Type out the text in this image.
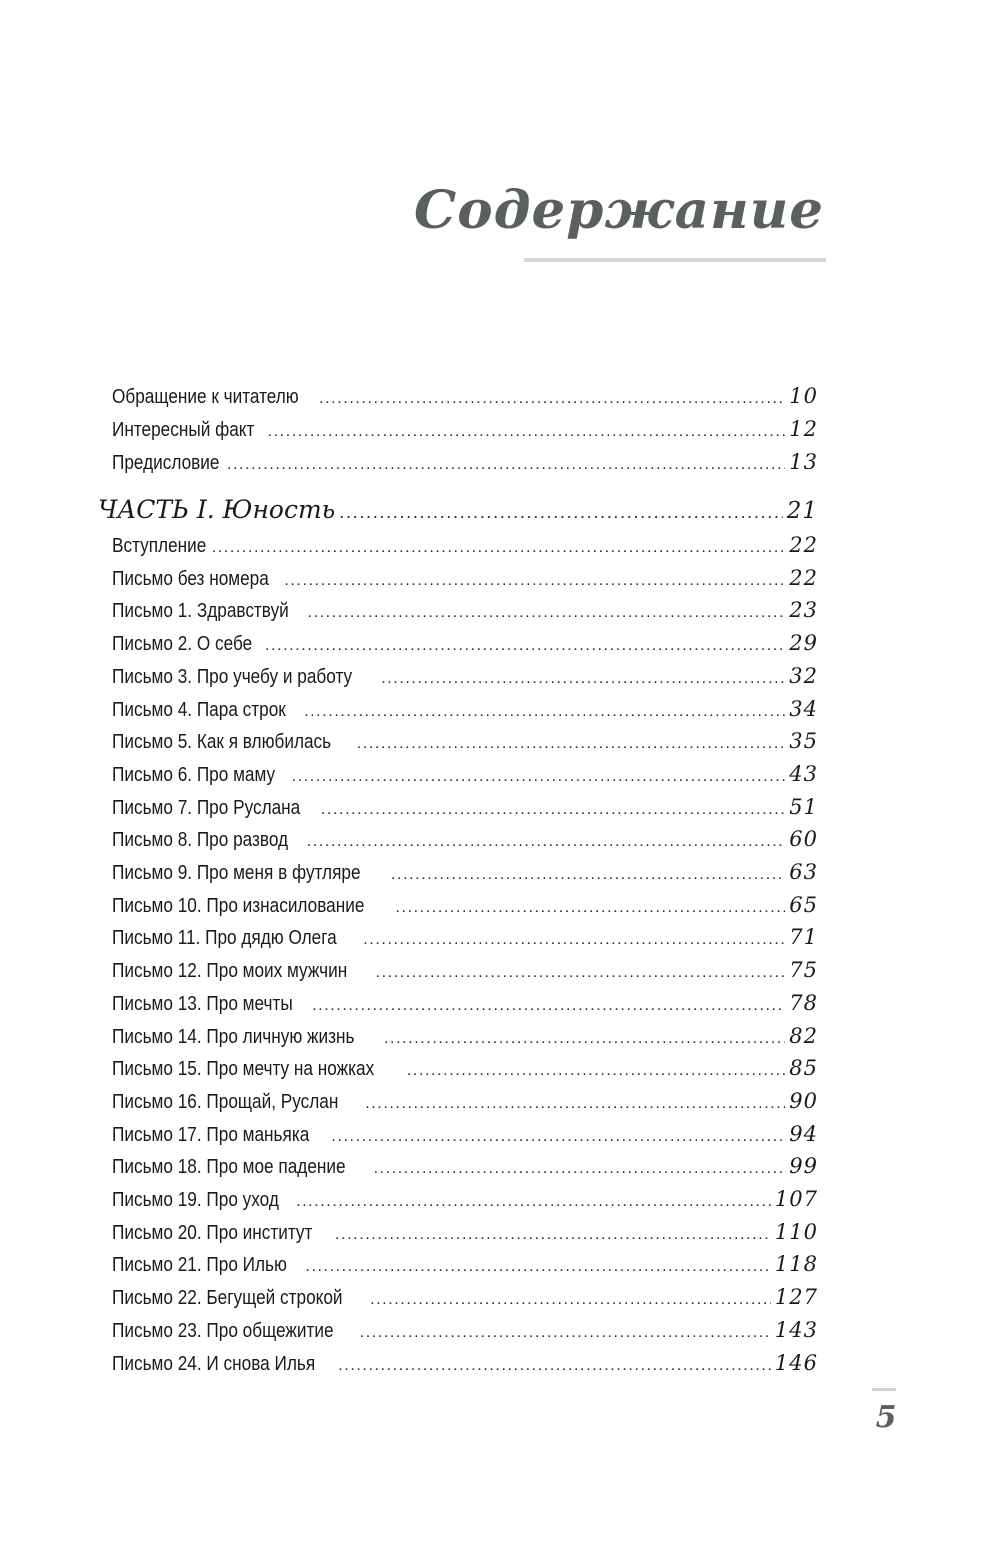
Содержание
Обращение к читателю .....	10
Интересный факт .....	12
Предисловие .....	13
ЧАСТЬ I. Юность .....	21
Вступление .....	22
Письмо без номера .....	22
Письмо 1. Здравствуй .....	23
Письмо 2. О себе .....	29
Письмо 3. Про учебу и работу .....	32
Письмо 4. Пара строк .....	34
Письмо 5. Как я влюбилась .....	35
Письмо 6. Про маму .....	43
Письмо 7. Про Руслана .....	51
Письмо 8. Про развод .....	60
Письмо 9. Про меня в футляре .....	63
Письмо 10. Про изнасилование .....	65
Письмо 11. Про дядю Олега .....	71
Письмо 12. Про моих мужчин .....	75
Письмо 13. Про мечты .....	78
Письмо 14. Про личную жизнь .....	82
Письмо 15. Про мечту на ножках .....	85
Письмо 16. Прощай, Руслан .....	90
Письмо 17. Про маньяка .....	94
Письмо 18. Про мое падение .....	99
Письмо 19. Про уход .....	107
Письмо 20. Про институт .....	110
Письмо 21. Про Илью .....	118
Письмо 22. Бегущей строкой .....	127
Письмо 23. Про общежитие .....	143
Письмо 24. И снова Илья .....	146
5
